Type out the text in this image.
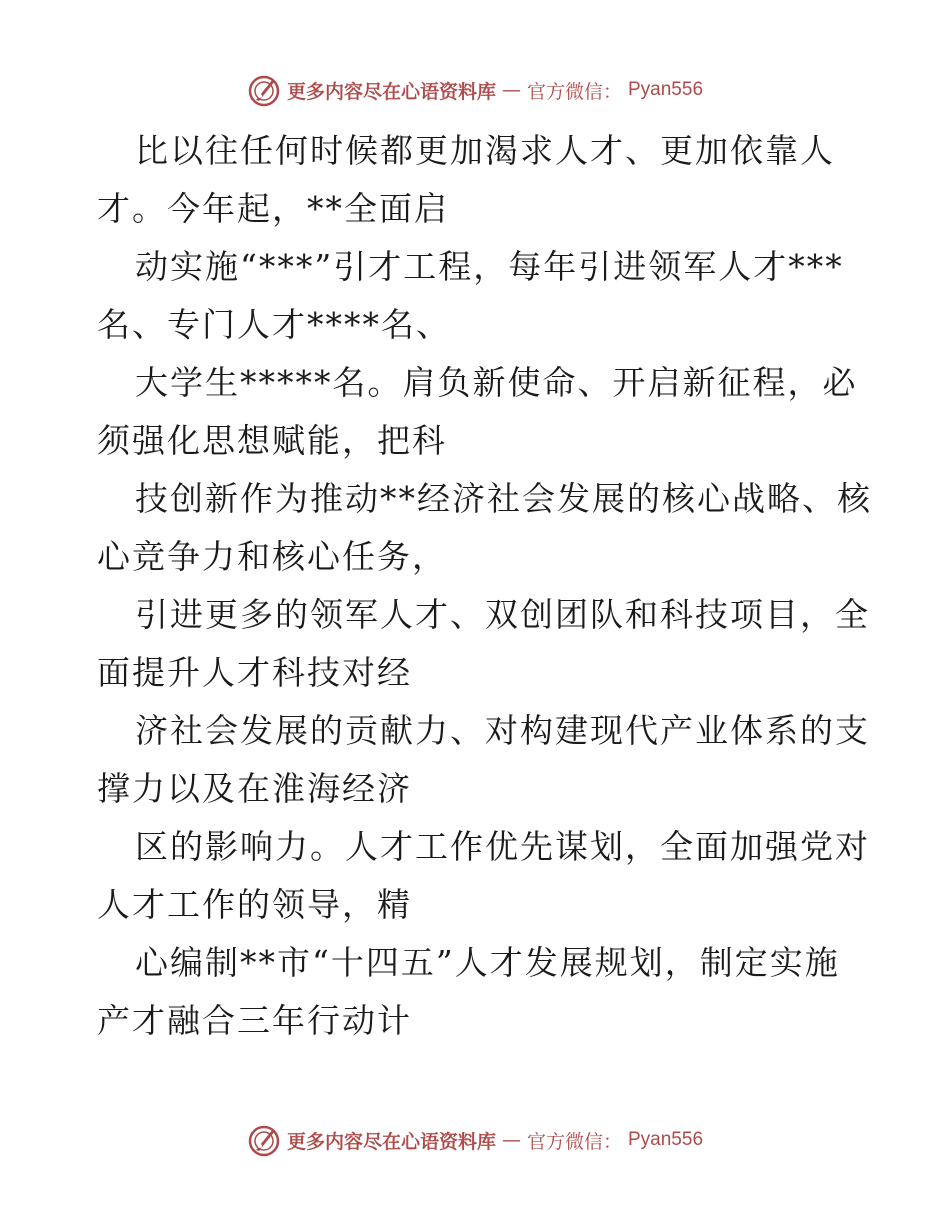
更多内容尽在心语资料库 — 官方微信： Pyan556
比以往任何时候都更加渴求人才、更加依靠人
才。今年起，**全面启
动实施“***”引才工程，每年引进领军人才***
名、专门人才****名、
大学生*****名。肩负新使命、开启新征程，必
须强化思想赋能，把科
技创新作为推动**经济社会发展的核心战略、核
心竞争力和核心任务，
引进更多的领军人才、双创团队和科技项目，全
面提升人才科技对经
济社会发展的贡献力、对构建现代产业体系的支
撑力以及在淮海经济
区的影响力。人才工作优先谋划，全面加强党对
人才工作的领导，精
心编制**市“十四五”人才发展规划，制定实施
产才融合三年行动计
更多内容尽在心语资料库 — 官方微信： Pyan556
